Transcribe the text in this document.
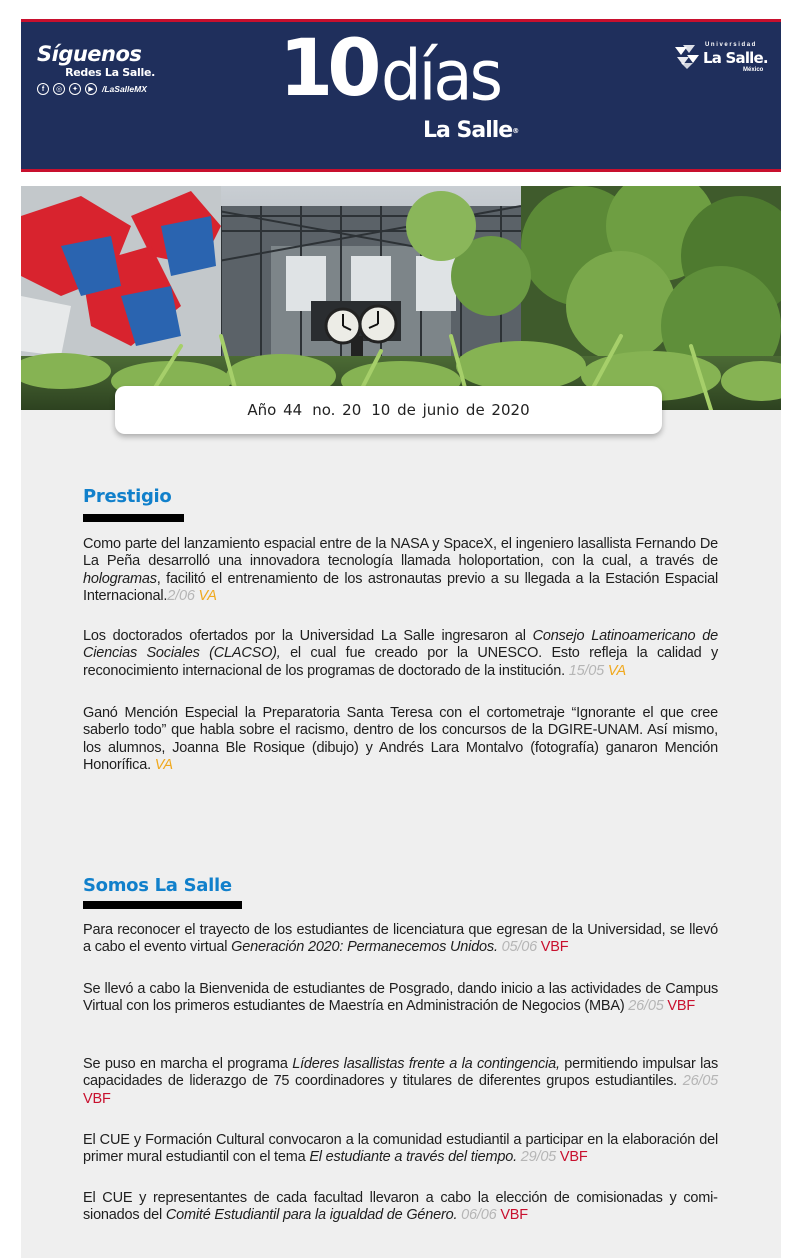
Síguenos
Redes La Salle.
f	◎	✦	▶ /LaSalleMX 10 días
La Salle®
Universidad
La Salle.
México
Año 44 no. 20 10 de junio de 2020
Prestigio
Como parte del lanzamiento espacial entre de la NASA y SpaceX, el ingeniero lasallista Fernando De La Peña desarrolló una innovadora tecnología llamada holoportation, con la cual, a través de hologramas, facilitó el entrenamiento de los astronautas previo a su llegada a la Estación Espacial Internacional.2/06 VA
Los doctorados ofertados por la Universidad La Salle ingresaron al Consejo Latinoamericano de Ciencias Sociales (CLACSO), el cual fue creado por la UNESCO. Esto refleja la calidad y reconocimiento internacional de los programas de doctorado de la institución. 15/05 VA
Ganó Mención Especial la Preparatoria Santa Teresa con el cortometraje “Ignorante el que cree saberlo todo” que habla sobre el racismo, dentro de los concursos de la DGIRE-UNAM. Así mismo, los alumnos, Joanna Ble Rosique (dibujo) y Andrés Lara Montalvo (fotografía) ganaron Mención Honorífica. VA
Somos La Salle
Para reconocer el trayecto de los estudiantes de licenciatura que egresan de la Universidad, se llevó a cabo el evento virtual Generación 2020: Permanecemos Unidos. 05/06 VBF
Se llevó a cabo la Bienvenida de estudiantes de Posgrado, dando inicio a las actividades de Campus Virtual con los primeros estudiantes de Maestría en Administración de Negocios (MBA) 26/05 VBF
Se puso en marcha el programa Líderes lasallistas frente a la contingencia, permitiendo impulsar las capacidades de liderazgo de 75 coordinadores y titulares de diferentes grupos estudiantiles. 26/05 VBF
El CUE y Formación Cultural convocaron a la comunidad estudiantil a participar en la elaboración del primer mural estudiantil con el tema El estudiante a través del tiempo. 29/05 VBF
El CUE y representantes de cada facultad llevaron a cabo la elección de comisionadas y comisionados del Comité Estudiantil para la igualdad de Género. 06/06 VBF
